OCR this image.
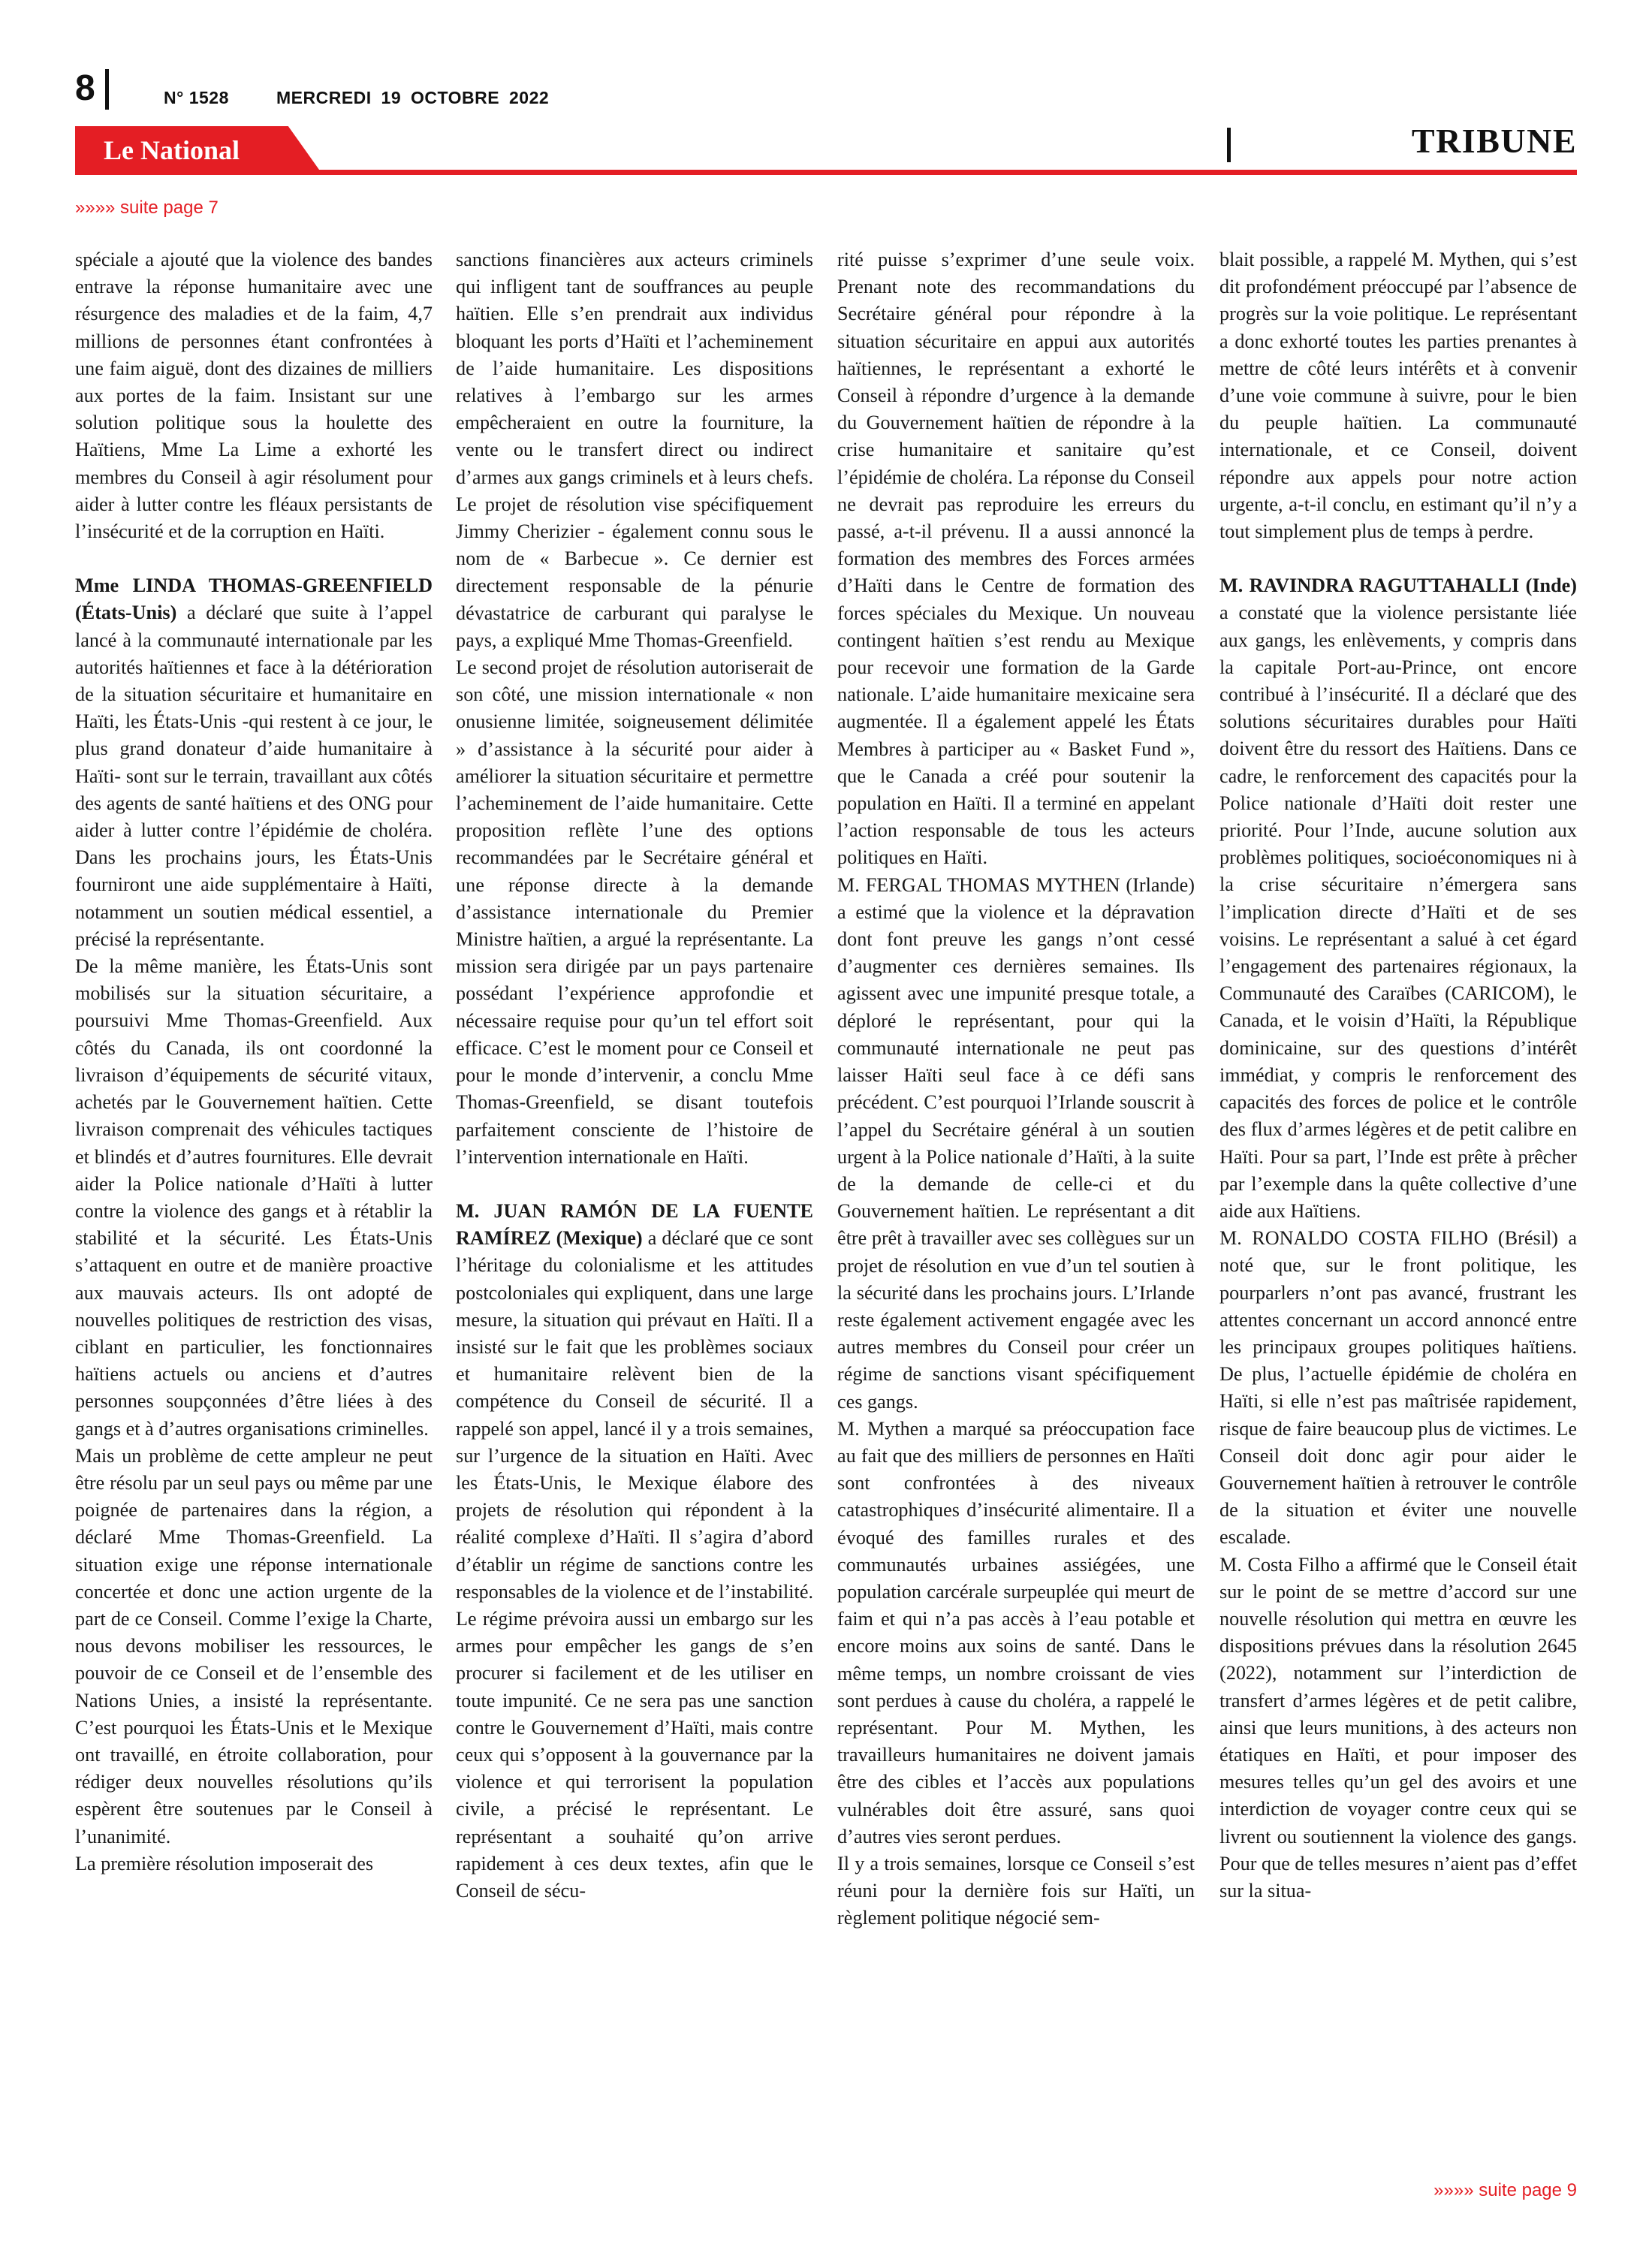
8	N° 1528	MERCREDI 19 OCTOBRE 2022
Le National	TRIBUNE
»»»» suite page 7

spéciale a ajouté que la violence des bandes entrave la réponse humanitaire avec une résurgence des maladies et de la faim, 4,7 millions de personnes étant confrontées à une faim aiguë, dont des dizaines de milliers aux portes de la faim. Insistant sur une solution politique sous la houlette des Haïtiens, Mme La Lime a exhorté les membres du Conseil à agir résolument pour aider à lutter contre les fléaux persistants de l’insécurité et de la corruption en Haïti.

Mme LINDA THOMAS-GREENFIELD (États-Unis) a déclaré que suite à l’appel lancé à la communauté internationale par les autorités haïtiennes et face à la détérioration de la situation sécuritaire et humanitaire en Haïti, les États-Unis -qui restent à ce jour, le plus grand donateur d’aide humanitaire à Haïti- sont sur le terrain, travaillant aux côtés des agents de santé haïtiens et des ONG pour aider à lutter contre l’épidémie de choléra. Dans les prochains jours, les États-Unis fourniront une aide supplémentaire à Haïti, notamment un soutien médical essentiel, a précisé la représentante.

De la même manière, les États-Unis sont mobilisés sur la situation sécuritaire, a poursuivi Mme Thomas-Greenfield. Aux côtés du Canada, ils ont coordonné la livraison d’équipements de sécurité vitaux, achetés par le Gouvernement haïtien. Cette livraison comprenait des véhicules tactiques et blindés et d’autres fournitures. Elle devrait aider la Police nationale d’Haïti à lutter contre la violence des gangs et à rétablir la stabilité et la sécurité. Les États-Unis s’attaquent en outre et de manière proactive aux mauvais acteurs. Ils ont adopté de nouvelles politiques de restriction des visas, ciblant en particulier, les fonctionnaires haïtiens actuels ou anciens et d’autres personnes soupçonnées d’être liées à des gangs et à d’autres organisations criminelles.

Mais un problème de cette ampleur ne peut être résolu par un seul pays ou même par une poignée de partenaires dans la région, a déclaré Mme Thomas-Greenfield. La situation exige une réponse internationale concertée et donc une action urgente de la part de ce Conseil. Comme l’exige la Charte, nous devons mobiliser les ressources, le pouvoir de ce Conseil et de l’ensemble des Nations Unies, a insisté la représentante. C’est pourquoi les États-Unis et le Mexique ont travaillé, en étroite collaboration, pour rédiger deux nouvelles résolutions qu’ils espèrent être soutenues par le Conseil à l’unanimité.

La première résolution imposerait des

sanctions financières aux acteurs criminels qui infligent tant de souffrances au peuple haïtien. Elle s’en prendrait aux individus bloquant les ports d’Haïti et l’acheminement de l’aide humanitaire. Les dispositions relatives à l’embargo sur les armes empêcheraient en outre la fourniture, la vente ou le transfert direct ou indirect d’armes aux gangs criminels et à leurs chefs. Le projet de résolution vise spécifiquement Jimmy Cherizier - également connu sous le nom de « Barbecue ». Ce dernier est directement responsable de la pénurie dévastatrice de carburant qui paralyse le pays, a expliqué Mme Thomas-Greenfield.

Le second projet de résolution autoriserait de son côté, une mission internationale « non onusienne limitée, soigneusement délimitée » d’assistance à la sécurité pour aider à améliorer la situation sécuritaire et permettre l’acheminement de l’aide humanitaire. Cette proposition reflète l’une des options recommandées par le Secrétaire général et une réponse directe à la demande d’assistance internationale du Premier Ministre haïtien, a argué la représentante. La mission sera dirigée par un pays partenaire possédant l’expérience approfondie et nécessaire requise pour qu’un tel effort soit efficace. C’est le moment pour ce Conseil et pour le monde d’intervenir, a conclu Mme Thomas-Greenfield, se disant toutefois parfaitement consciente de l’histoire de l’intervention internationale en Haïti.

M. JUAN RAMÓN DE LA FUENTE RAMÍREZ (Mexique) a déclaré que ce sont l’héritage du colonialisme et les attitudes postcoloniales qui expliquent, dans une large mesure, la situation qui prévaut en Haïti. Il a insisté sur le fait que les problèmes sociaux et humanitaire relèvent bien de la compétence du Conseil de sécurité. Il a rappelé son appel, lancé il y a trois semaines, sur l’urgence de la situation en Haïti. Avec les États-Unis, le Mexique élabore des projets de résolution qui répondent à la réalité complexe d’Haïti. Il s’agira d’abord d’établir un régime de sanctions contre les responsables de la violence et de l’instabilité. Le régime prévoira aussi un embargo sur les armes pour empêcher les gangs de s’en procurer si facilement et de les utiliser en toute impunité. Ce ne sera pas une sanction contre le Gouvernement d’Haïti, mais contre ceux qui s’opposent à la gouvernance par la violence et qui terrorisent la population civile, a précisé le représentant. Le représentant a souhaité qu’on arrive rapidement à ces deux textes, afin que le Conseil de sécu-

rité puisse s’exprimer d’une seule voix. Prenant note des recommandations du Secrétaire général pour répondre à la situation sécuritaire en appui aux autorités haïtiennes, le représentant a exhorté le Conseil à répondre d’urgence à la demande du Gouvernement haïtien de répondre à la crise humanitaire et sanitaire qu’est l’épidémie de choléra. La réponse du Conseil ne devrait pas reproduire les erreurs du passé, a-t-il prévenu. Il a aussi annoncé la formation des membres des Forces armées d’Haïti dans le Centre de formation des forces spéciales du Mexique. Un nouveau contingent haïtien s’est rendu au Mexique pour recevoir une formation de la Garde nationale. L’aide humanitaire mexicaine sera augmentée. Il a également appelé les États Membres à participer au « Basket Fund », que le Canada a créé pour soutenir la population en Haïti. Il a terminé en appelant l’action responsable de tous les acteurs politiques en Haïti.

M. FERGAL THOMAS MYTHEN (Irlande) a estimé que la violence et la dépravation dont font preuve les gangs n’ont cessé d’augmenter ces dernières semaines. Ils agissent avec une impunité presque totale, a déploré le représentant, pour qui la communauté internationale ne peut pas laisser Haïti seul face à ce défi sans précédent. C’est pourquoi l’Irlande souscrit à l’appel du Secrétaire général à un soutien urgent à la Police nationale d’Haïti, à la suite de la demande de celle-ci et du Gouvernement haïtien. Le représentant a dit être prêt à travailler avec ses collègues sur un projet de résolution en vue d’un tel soutien à la sécurité dans les prochains jours. L’Irlande reste également activement engagée avec les autres membres du Conseil pour créer un régime de sanctions visant spécifiquement ces gangs.

M. Mythen a marqué sa préoccupation face au fait que des milliers de personnes en Haïti sont confrontées à des niveaux catastrophiques d’insécurité alimentaire. Il a évoqué des familles rurales et des communautés urbaines assiégées, une population carcérale surpeuplée qui meurt de faim et qui n’a pas accès à l’eau potable et encore moins aux soins de santé. Dans le même temps, un nombre croissant de vies sont perdues à cause du choléra, a rappelé le représentant. Pour M. Mythen, les travailleurs humanitaires ne doivent jamais être des cibles et l’accès aux populations vulnérables doit être assuré, sans quoi d’autres vies seront perdues.

Il y a trois semaines, lorsque ce Conseil s’est réuni pour la dernière fois sur Haïti, un règlement politique négocié sem-

blait possible, a rappelé M. Mythen, qui s’est dit profondément préoccupé par l’absence de progrès sur la voie politique. Le représentant a donc exhorté toutes les parties prenantes à mettre de côté leurs intérêts et à convenir d’une voie commune à suivre, pour le bien du peuple haïtien. La communauté internationale, et ce Conseil, doivent répondre aux appels pour notre action urgente, a-t-il conclu, en estimant qu’il n’y a tout simplement plus de temps à perdre.

M. RAVINDRA RAGUTTAHALLI (Inde) a constaté que la violence persistante liée aux gangs, les enlèvements, y compris dans la capitale Port-au-Prince, ont encore contribué à l’insécurité. Il a déclaré que des solutions sécuritaires durables pour Haïti doivent être du ressort des Haïtiens. Dans ce cadre, le renforcement des capacités pour la Police nationale d’Haïti doit rester une priorité. Pour l’Inde, aucune solution aux problèmes politiques, socioéconomiques ni à la crise sécuritaire n’émergera sans l’implication directe d’Haïti et de ses voisins. Le représentant a salué à cet égard l’engagement des partenaires régionaux, la Communauté des Caraïbes (CARICOM), le Canada, et le voisin d’Haïti, la République dominicaine, sur des questions d’intérêt immédiat, y compris le renforcement des capacités des forces de police et le contrôle des flux d’armes légères et de petit calibre en Haïti. Pour sa part, l’Inde est prête à prêcher par l’exemple dans la quête collective d’une aide aux Haïtiens.

M. RONALDO COSTA FILHO (Brésil) a noté que, sur le front politique, les pourparlers n’ont pas avancé, frustrant les attentes concernant un accord annoncé entre les principaux groupes politiques haïtiens. De plus, l’actuelle épidémie de choléra en Haïti, si elle n’est pas maîtrisée rapidement, risque de faire beaucoup plus de victimes. Le Conseil doit donc agir pour aider le Gouvernement haïtien à retrouver le contrôle de la situation et éviter une nouvelle escalade.

M. Costa Filho a affirmé que le Conseil était sur le point de se mettre d’accord sur une nouvelle résolution qui mettra en œuvre les dispositions prévues dans la résolution 2645 (2022), notamment sur l’interdiction de transfert d’armes légères et de petit calibre, ainsi que leurs munitions, à des acteurs non étatiques en Haïti, et pour imposer des mesures telles qu’un gel des avoirs et une interdiction de voyager contre ceux qui se livrent ou soutiennent la violence des gangs. Pour que de telles mesures n’aient pas d’effet sur la situa-

»»»» suite page 9
